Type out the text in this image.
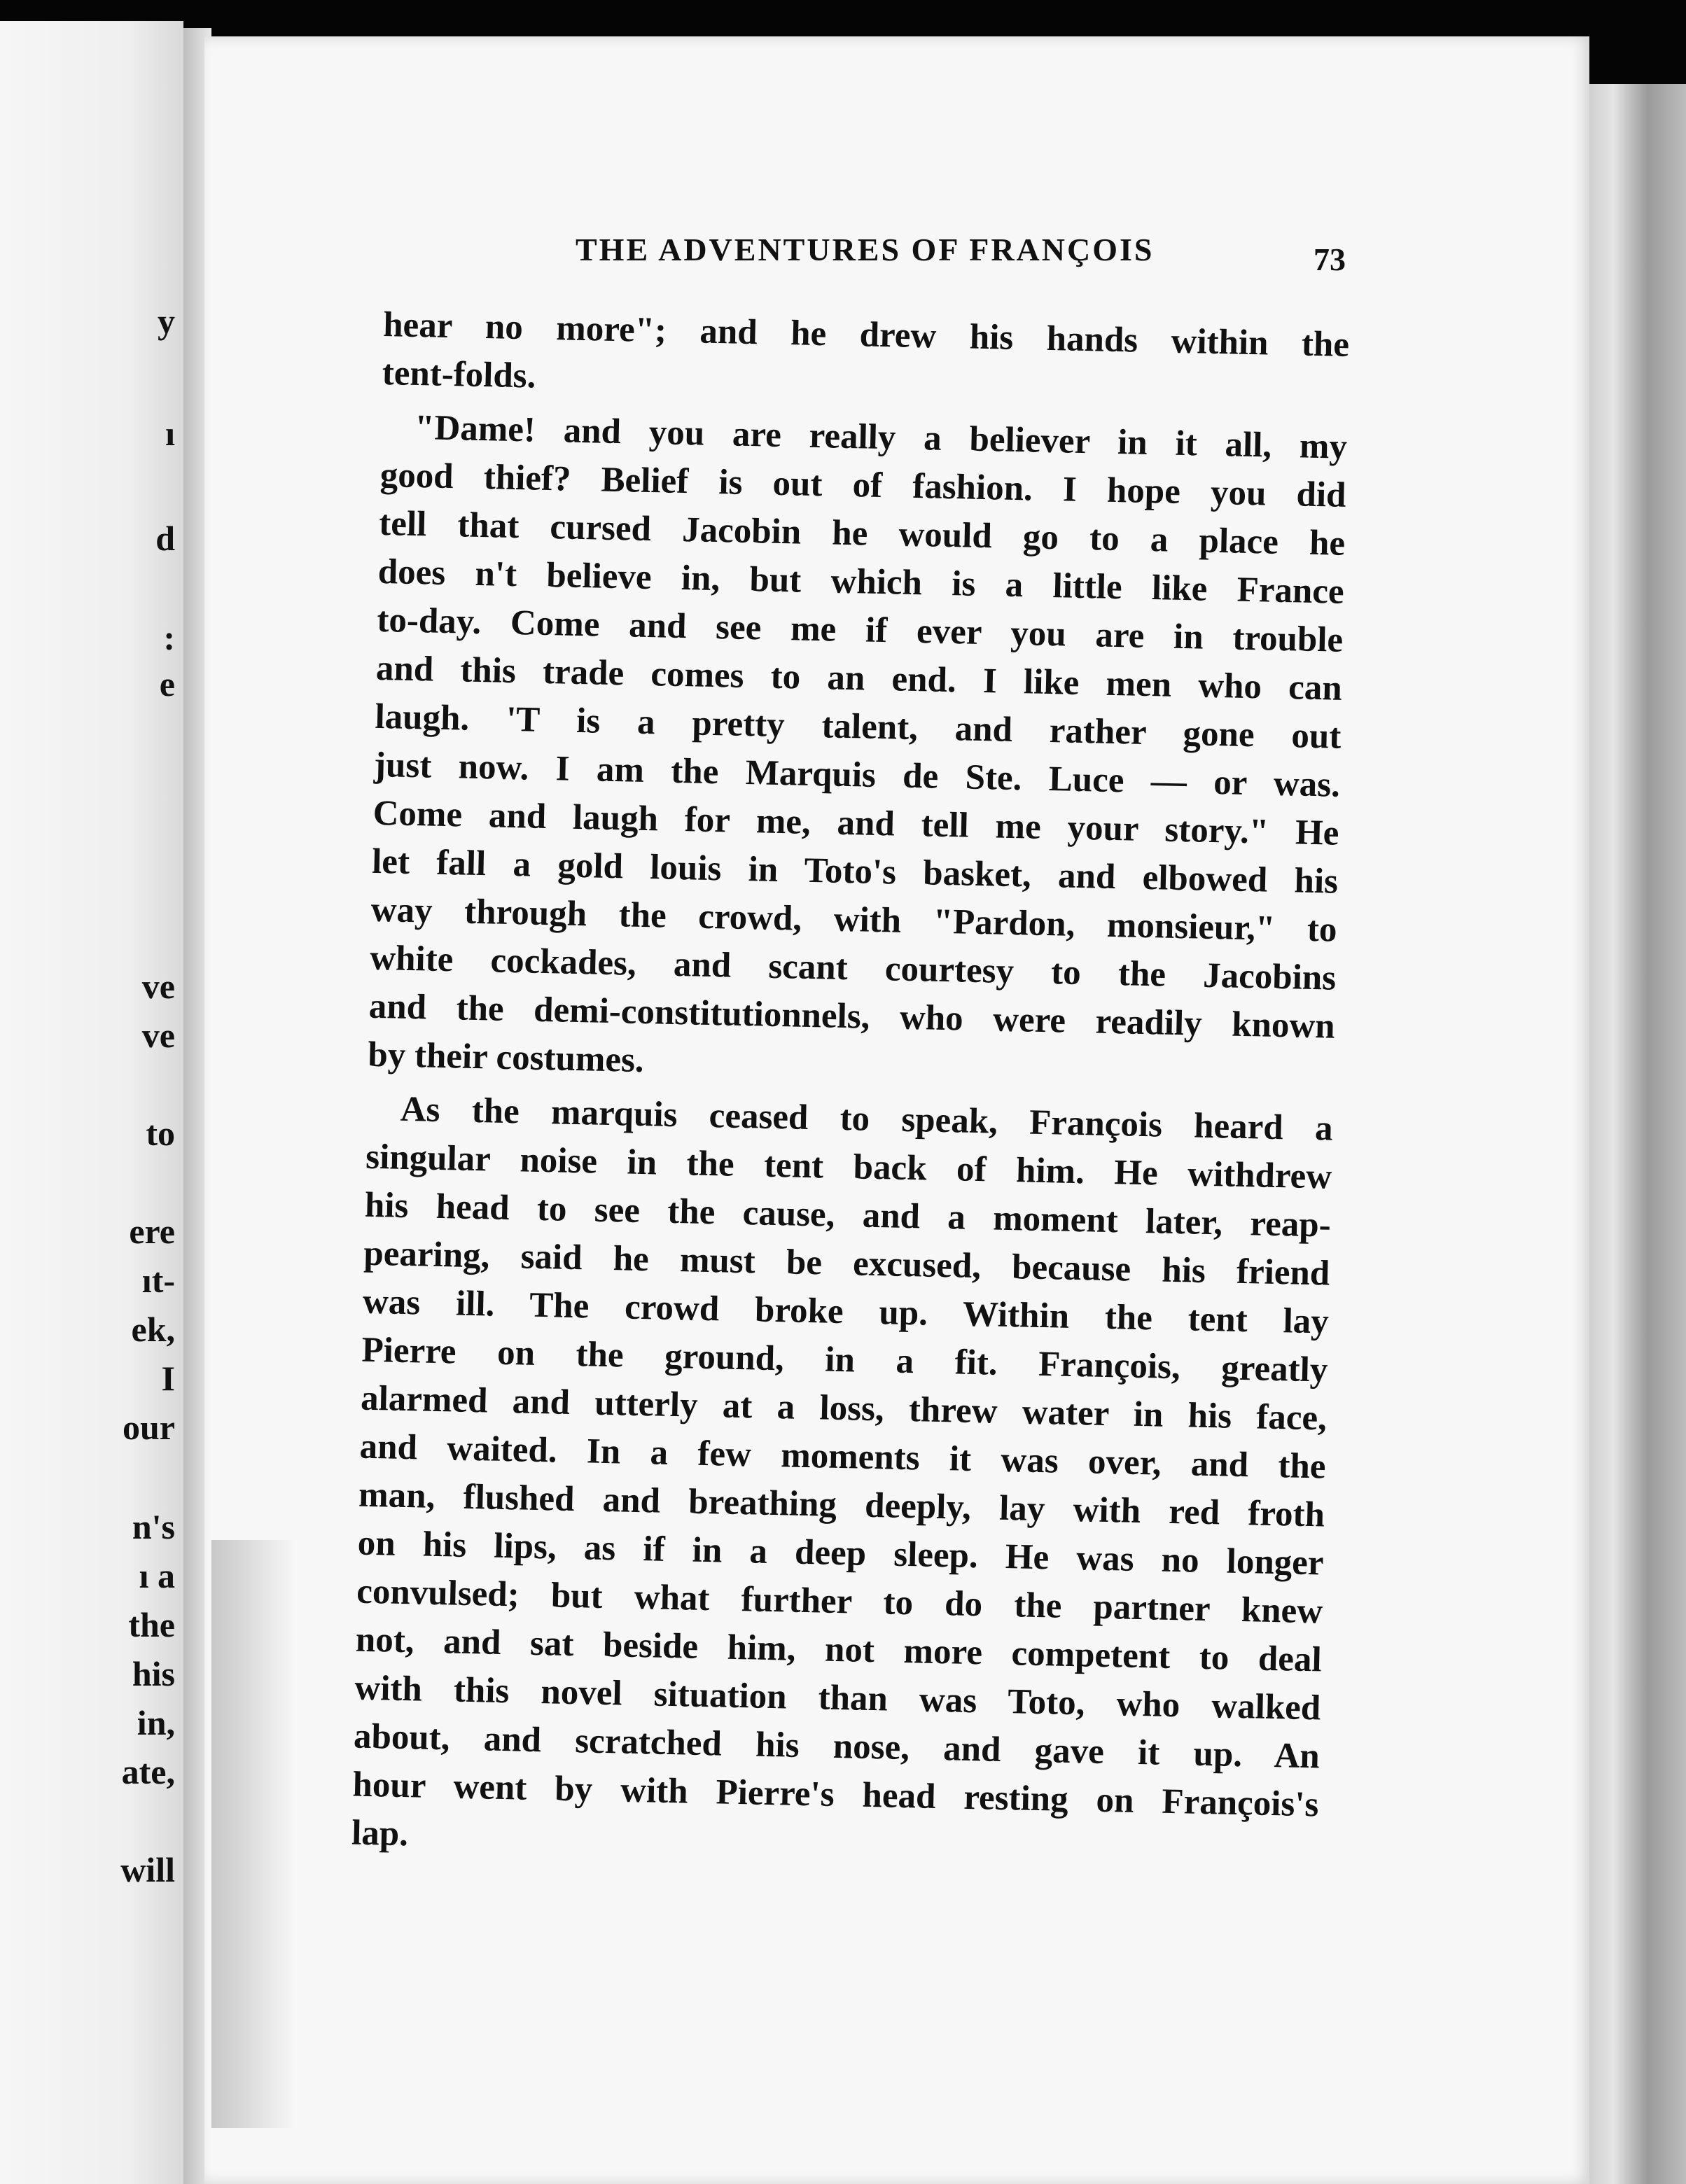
y
ı
d
:
e
ve
ve
to
ere
ıt-
ek,
I
our
n's
ı a
the
his
in,
ate,
will
THE ADVENTURES OF FRANÇOIS	73
hear no more"; and he drew his hands within the
tent-folds.
"Dame! and you are really a believer in it all, my
good thief? Belief is out of fashion. I hope you did
tell that cursed Jacobin he would go to a place he
does n't believe in, but which is a little like France
to-day. Come and see me if ever you are in trouble
and this trade comes to an end. I like men who can
laugh. 'T is a pretty talent, and rather gone out
just now. I am the Marquis de Ste. Luce — or was.
Come and laugh for me, and tell me your story." He
let fall a gold louis in Toto's basket, and elbowed his
way through the crowd, with "Pardon, monsieur," to
white cockades, and scant courtesy to the Jacobins
and the demi-constitutionnels, who were readily known
by their costumes.
As the marquis ceased to speak, François heard a
singular noise in the tent back of him. He withdrew
his head to see the cause, and a moment later, reap-
pearing, said he must be excused, because his friend
was ill. The crowd broke up. Within the tent lay
Pierre on the ground, in a fit. François, greatly
alarmed and utterly at a loss, threw water in his face,
and waited. In a few moments it was over, and the
man, flushed and breathing deeply, lay with red froth
on his lips, as if in a deep sleep. He was no longer
convulsed; but what further to do the partner knew
not, and sat beside him, not more competent to deal
with this novel situation than was Toto, who walked
about, and scratched his nose, and gave it up. An
hour went by with Pierre's head resting on François's
lap.
